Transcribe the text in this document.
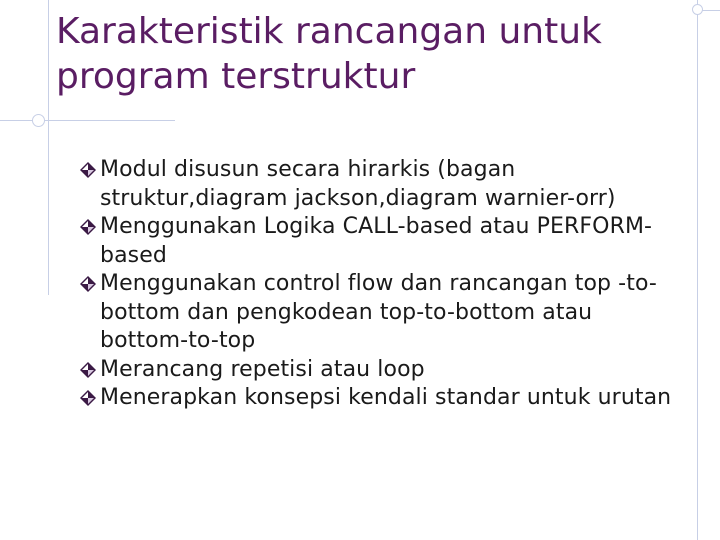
Karakteristik rancangan untuk program terstruktur
Modul disusun secara hirarkis (bagan struktur,diagram jackson,diagram warnier-orr)
Menggunakan Logika CALL-based atau PERFORM-based
Menggunakan control flow dan rancangan top -to-bottom dan pengkodean top-to-bottom atau bottom-to-top
Merancang repetisi atau loop
Menerapkan konsepsi kendali standar untuk urutan
